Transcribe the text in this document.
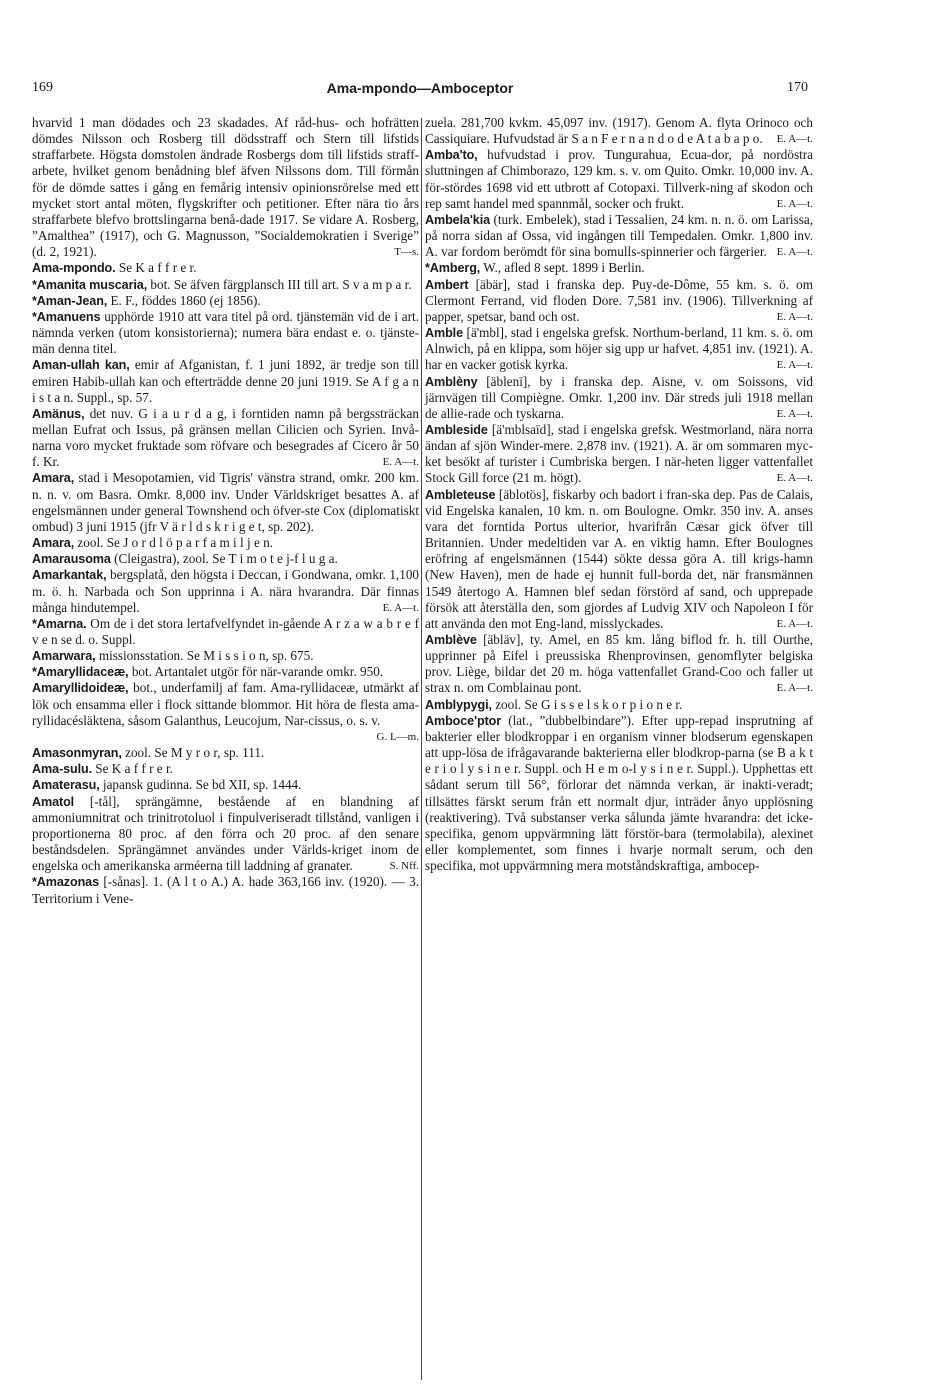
169	Ama-mpondo—Amboceptor	170

hvarvid 1 man dödades och 23 skadades. Af råd-hus- och hofrätten dömdes Nilsson och Rosberg till dödsstraff och Stern till lifstids straffarbete. Högsta domstolen ändrade Rosbergs dom till lifstids straff-arbete, hvilket genom benådning blef äfven Nilssons dom. Till förmån för de dömde sattes i gång en femårig intensiv opinionsrörelse med ett mycket stort antal möten, flygskrifter och petitioner. Efter nära tio års straffarbete blefvo brottslingarna benå-dade 1917. Se vidare A. Rosberg, ”Amalthea” (1917), och G. Magnusson, ”Socialdemokratien i Sverige” (d. 2, 1921).	T—s.

Ama-mpondo. Se K a f f r e r.

*Amanita muscaria, bot. Se äfven färgplansch III till art. S v a m p a r.

*Aman-Jean, E. F., föddes 1860 (ej 1856).

*Amanuens upphörde 1910 att vara titel på ord. tjänstemän vid de i art. nämnda verken (utom konsistorierna); numera bära endast e. o. tjänste-män denna titel.

Aman-ullah kan, emir af Afganistan, f. 1 juni 1892, är tredje son till emiren Habib-ullah kan och efterträdde denne 20 juni 1919. Se A f g a n i s t a n. Suppl., sp. 57.

Amänus, det nuv. G i a u r d a g, i forntiden namn på bergssträckan mellan Eufrat och Issus, på gränsen mellan Cilicien och Syrien. Invå-narna voro mycket fruktade som röfvare och besegrades af Cicero år 50 f. Kr.	E. A—t.

Amara, stad i Mesopotamien, vid Tigris' vänstra strand, omkr. 200 km. n. n. v. om Basra. Omkr. 8,000 inv. Under Världskriget besattes A. af engelsmännen under general Townshend och öfver-ste Cox (diplomatiskt ombud) 3 juni 1915 (jfr V ä r l d s k r i g e t, sp. 202).

Amara, zool. Se J o r d l ö p a r f a m i l j e n.

Amarausoma (Cleigastra), zool. Se T i m o t e j-f l u g a.

Amarkantak, bergsplatå, den högsta i Deccan, i Gondwana, omkr. 1,100 m. ö. h. Narbada och Son upprinna i A. nära hvarandra. Där finnas många hindutempel.	E. A—t.

*Amarna. Om de i det stora lertafvelfyndet in-gående A r z a w a b r e f v e n se d. o. Suppl.

Amarwara, missionsstation. Se M i s s i o n, sp. 675.

*Amaryllidaceæ, bot. Artantalet utgör för när-varande omkr. 950.

Amaryllidoideæ, bot., underfamilj af fam. Ama-ryllidaceæ, utmärkt af lök och ensamma eller i flock sittande blommor. Hit höra de flesta ama-ryllidacésläktena, såsom Galanthus, Leucojum, Nar-cissus, o. s. v.
G. L—m.

Amasonmyran, zool. Se M y r o r, sp. 111.

Ama-sulu. Se K a f f r e r.

Amaterasu, japansk gudinna. Se bd XII, sp. 1444.

Amatol [-tål], sprängämne, bestående af en blandning af ammoniumnitrat och trinitrotoluol i finpulveriseradt tillstånd, vanligen i proportionerna 80 proc. af den förra och 20 proc. af den senare beståndsdelen. Sprängämnet användes under Världs-kriget inom de engelska och amerikanska arméerna till laddning af granater.	S. Nff.

*Amazonas [-sånas]. 1. (A l t o A.) A. hade 363,166 inv. (1920). — 3. Territorium i Vene-

zuela. 281,700 kvkm. 45,097 inv. (1917). Genom A. flyta Orinoco och Cassiquiare. Hufvudstad är S a n F e r n a n d o d e A t a b a p o. E. A—t.

Amba'to, hufvudstad i prov. Tungurahua, Ecua-dor, på nordöstra sluttningen af Chimborazo, 129 km. s. v. om Quito. Omkr. 10,000 inv. A. för-stördes 1698 vid ett utbrott af Cotopaxi. Tillverk-ning af skodon och rep samt handel med spannmål, socker och frukt.	E. A—t.

Ambela'kia (turk. Embelek), stad i Tessalien, 24 km. n. n. ö. om Larissa, på norra sidan af Ossa, vid ingången till Tempedalen. Omkr. 1,800 inv. A. var fordom berömdt för sina bomulls-spinnerier och färgerier. E. A—t.

*Amberg, W., afled 8 sept. 1899 i Berlin.

Ambert [äbär], stad i franska dep. Puy-de-Dôme, 55 km. s. ö. om Clermont Ferrand, vid floden Dore. 7,581 inv. (1906). Tillverkning af papper, spetsar, band och ost.	E. A—t.

Amble [ä'mbl], stad i engelska grefsk. Northum-berland, 11 km. s. ö. om Alnwich, på en klippa, som höjer sig upp ur hafvet. 4,851 inv. (1921). A. har en vacker gotisk kyrka.	E. A—t.

Amblèny [äblenī], by i franska dep. Aisne, v. om Soissons, vid järnvägen till Compiègne. Omkr. 1,200 inv. Där streds juli 1918 mellan de allie-rade och tyskarna.	E. A—t.

Ambleside [ä'mblsaīd], stad i engelska grefsk. Westmorland, nära norra ändan af sjön Winder-mere. 2,878 inv. (1921). A. är om sommaren myc-ket besökt af turister i Cumbriska bergen. I när-heten ligger vattenfallet Stock Gill force (21 m. högt).	E. A—t.

Ambleteuse [äblotös], fiskarby och badort i fran-ska dep. Pas de Calais, vid Engelska kanalen, 10 km. n. om Boulogne. Omkr. 350 inv. A. anses vara det forntida Portus ulterior, hvarifrån Cæsar gick öfver till Britannien. Under medeltiden var A. en viktig hamn. Efter Boulognes eröfring af engelsmännen (1544) sökte dessa göra A. till krigs-hamn (New Haven), men de hade ej hunnit full-borda det, när fransmännen 1549 återtogo A. Hamnen blef sedan förstörd af sand, och upprepade försök att återställa den, som gjordes af Ludvig XIV och Napoleon I för att använda den mot Eng-land, misslyckades.	E. A—t.

Amblève [äbläv], ty. Amel, en 85 km. lång biflod fr. h. till Ourthe, upprinner på Eifel i preussiska Rhenprovinsen, genomflyter belgiska prov. Liège, bildar det 20 m. höga vattenfallet Grand-Coo och faller ut strax n. om Comblainau pont.	E. A—t.

Amblypygi, zool. Se G i s s e l s k o r p i o n e r.

Amboce'ptor (lat., ”dubbelbindare”). Efter upp-repad insprutning af bakterier eller blodkroppar i en organism vinner blodserum egenskapen att upp-lösa de ifrågavarande bakterierna eller blodkrop-parna (se B a k t e r i o l y s i n e r. Suppl. och H e m o-l y s i n e r. Suppl.). Upphettas ett sådant serum till 56°, förlorar det nämnda verkan, är inakti-veradt; tillsättes färskt serum från ett normalt djur, inträder ånyo upplösning (reaktivering). Två substanser verka sålunda jämte hvarandra: det icke-specifika, genom uppvärmning lätt förstör-bara (termolabila), alexinet eller komplementet, som finnes i hvarje normalt serum, och den specifika, mot uppvärmning mera motståndskraftiga, ambocep-
